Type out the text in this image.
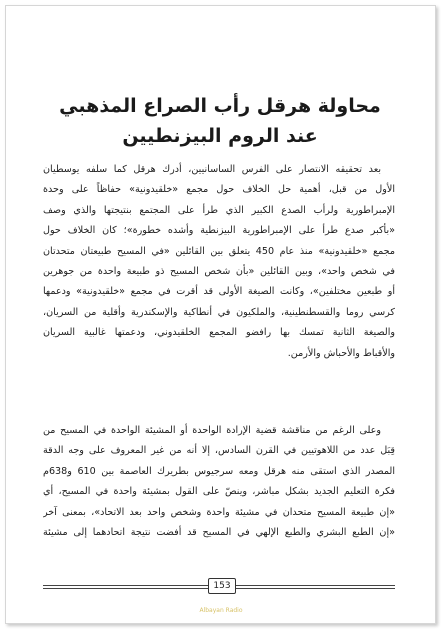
محاولة هرقل رأب الصراع المذهبي
عند الروم البيزنطيين
بعد تحقيقه الانتصار على الفرس الساسانيين، أدرك هرقل كما سلفه يوسطيان
الأول من قبل، أهمية حل الخلاف حول مجمع «خلقيدونية» حفاظاً على وحدة
الإمبراطورية ولرأب الصدع الكبير الذي طرأ على المجتمع بنتيجتها والذي وصف
«بأكبر صدع طرأ على الإمبراطورية البيزنطية وأشده خطورة»؛ كان الخلاف حول
مجمع «خلقيدونية» منذ عام 450 يتعلق بين القائلين «في المسيح طبيعتان متحدتان
في شخص واحد»، وبين القائلين «بأن شخص المسيح ذو طبيعة واحدة من جوهرين
أو طبعين مختلفين»، وكانت الصيغة الأولى قد أقرت في مجمع «خلقيدونية» ودعمها
كرسي روما والقسطنطينية، والملكيون في أنطاكية والإسكندرية وأقلية من السريان،
والصيغة الثانية تمسك بها رافضو المجمع الخلقيدوني، ودعمتها غالبية السريان
والأقباط والأحباش والأرمن.
وعلى الرغم من مناقشة قضية الإرادة الواحدة أو المشيئة الواحدة في المسيح من
قِبَل عدد من اللاهوتيين في القرن السادس، إلا أنه من غير المعروف على وجه الدقة
المصدر الذي استقى منه هرقل ومعه سرجيوس بطريرك العاصمة بين 610 و638م
فكرة التعليم الجديد بشكل مباشر، وينصّ على القول بمشيئة واحدة في المسيح، أي
«إن طبيعة المسيح متحدان في مشيئة واحدة وشخص واحد بعد الاتحاد»، بمعنى آخر
«إن الطبع البشري والطبع الإلهي في المسيح قد أفضت نتيجة اتحادهما إلى مشيئة
153
Albayan Radio
